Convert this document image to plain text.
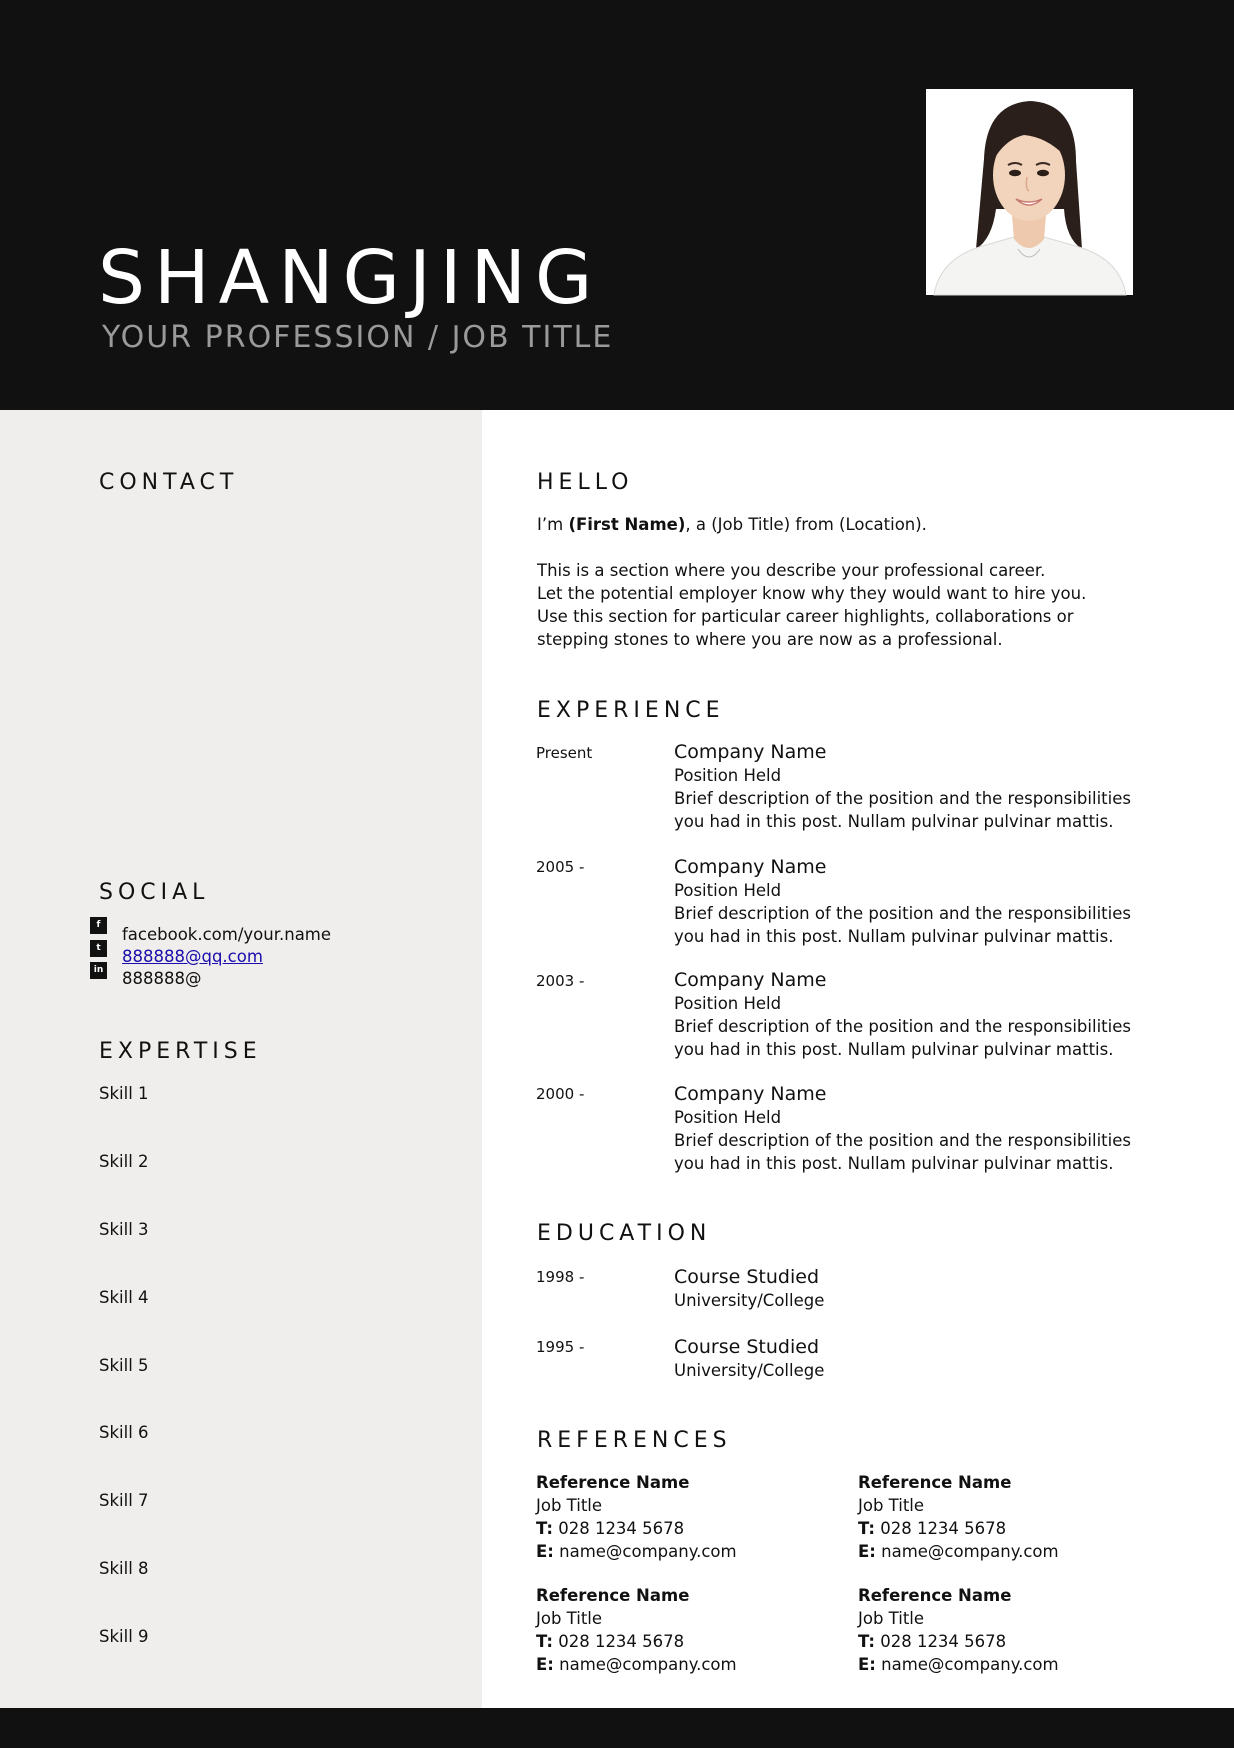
SHANGJING
YOUR PROFESSION / JOB TITLE
CONTACT
SOCIAL
f
t
in
facebook.com/your.name
888888@qq.com
888888@
EXPERTISE
Skill 1
Skill 2
Skill 3
Skill 4
Skill 5
Skill 6
Skill 7
Skill 8
Skill 9
HELLO
I’m (First Name), a (Job Title) from (Location).
This is a section where you describe your professional career.
Let the potential employer know why they would want to hire you.
Use this section for particular career highlights, collaborations or
stepping stones to where you are now as a professional.
EXPERIENCE
Present	Company Name
Position Held
Brief description of the position and the responsibilities
you had in this post. Nullam pulvinar pulvinar mattis.
2005 -	Company Name
Position Held
Brief description of the position and the responsibilities
you had in this post. Nullam pulvinar pulvinar mattis.
2003 -	Company Name
Position Held
Brief description of the position and the responsibilities
you had in this post. Nullam pulvinar pulvinar mattis.
2000 -	Company Name
Position Held
Brief description of the position and the responsibilities
you had in this post. Nullam pulvinar pulvinar mattis.
EDUCATION
1998 -	Course Studied
University/College
1995 -	Course Studied
University/College
REFERENCES
Reference Name
Job Title
T: 028 1234 5678
E: name@company.com
Reference Name
Job Title
T: 028 1234 5678
E: name@company.com
Reference Name
Job Title
T: 028 1234 5678
E: name@company.com
Reference Name
Job Title
T: 028 1234 5678
E: name@company.com
